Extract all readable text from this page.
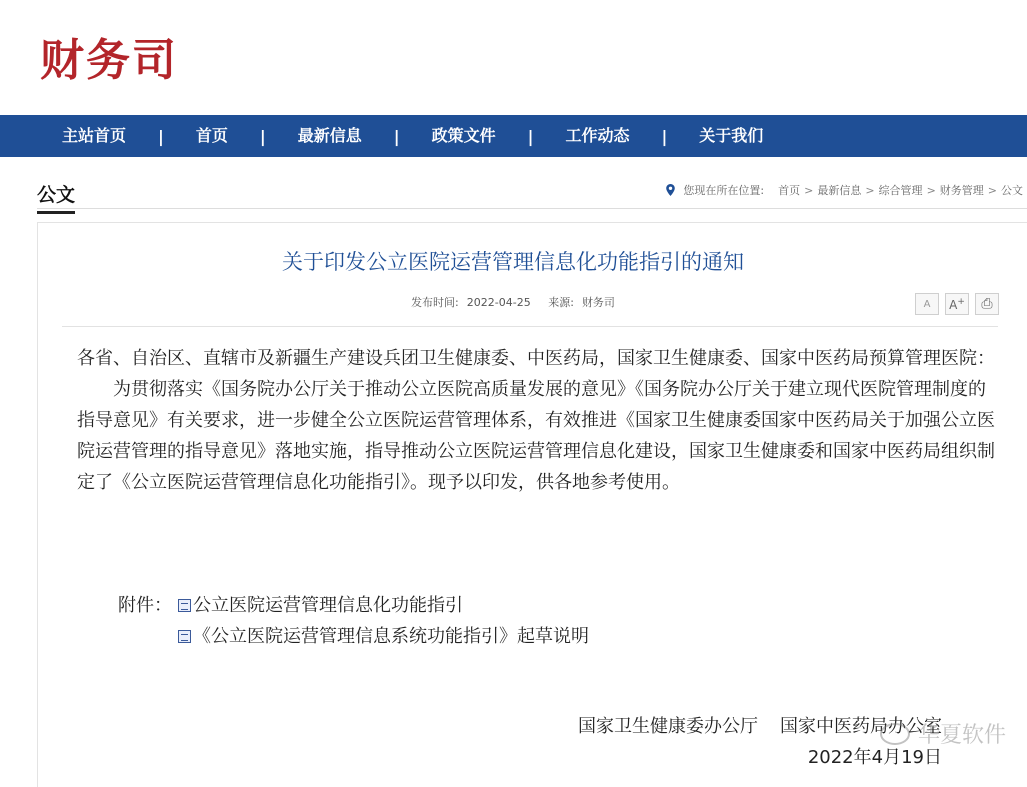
财务司
主站首页	|	首页	|	最新信息	|	政策文件	|	工作动态	|	关于我们
公文	您现在所在位置: 首页 > 最新信息 > 综合管理 > 财务管理 > 公文
关于印发公立医院运营管理信息化功能指引的通知
发布时间: 2022-04-25 来源: 财务司	A A+ ⎙

各省、自治区、直辖市及新疆生产建设兵团卫生健康委、中医药局，国家卫生健康委、国家中医药局预算管理医院：

为贯彻落实《国务院办公厅关于推动公立医院高质量发展的意见》《国务院办公厅关于建立现代医院管理制度的指导意见》有关要求，进一步健全公立医院运营管理体系，有效推进《国家卫生健康委国家中医药局关于加强公立医院运营管理的指导意见》落地实施，指导推动公立医院运营管理信息化建设，国家卫生健康委和国家中医药局组织制定了《公立医院运营管理信息化功能指引》。现予以印发，供各地参考使用。

附件：	公立医院运营管理信息化功能指引
《公立医院运营管理信息系统功能指引》起草说明
国家卫生健康委办公厅 国家中医药局办公室
2022年4月19日
华夏软件
